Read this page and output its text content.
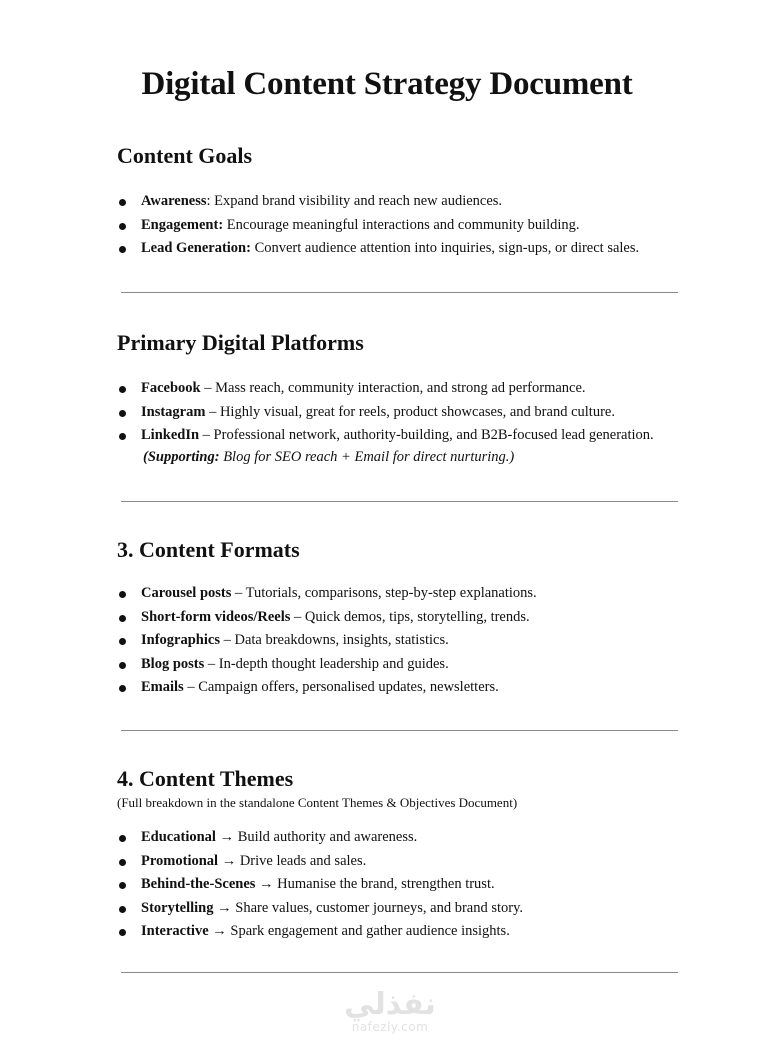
Digital Content Strategy Document
Content Goals
Awareness: Expand brand visibility and reach new audiences.
Engagement: Encourage meaningful interactions and community building.
Lead Generation: Convert audience attention into inquiries, sign-ups, or direct sales.
Primary Digital Platforms
Facebook – Mass reach, community interaction, and strong ad performance.
Instagram – Highly visual, great for reels, product showcases, and brand culture.
LinkedIn – Professional network, authority-building, and B2B-focused lead generation.
(Supporting: Blog for SEO reach + Email for direct nurturing.)
3. Content Formats
Carousel posts – Tutorials, comparisons, step-by-step explanations.
Short-form videos/Reels – Quick demos, tips, storytelling, trends.
Infographics – Data breakdowns, insights, statistics.
Blog posts – In-depth thought leadership and guides.
Emails – Campaign offers, personalised updates, newsletters.
4. Content Themes
(Full breakdown in the standalone Content Themes & Objectives Document)
Educational → Build authority and awareness.
Promotional → Drive leads and sales.
Behind-the-Scenes → Humanise the brand, strengthen trust.
Storytelling → Share values, customer journeys, and brand story.
Interactive → Spark engagement and gather audience insights.
نفذلي
nafezly.com
